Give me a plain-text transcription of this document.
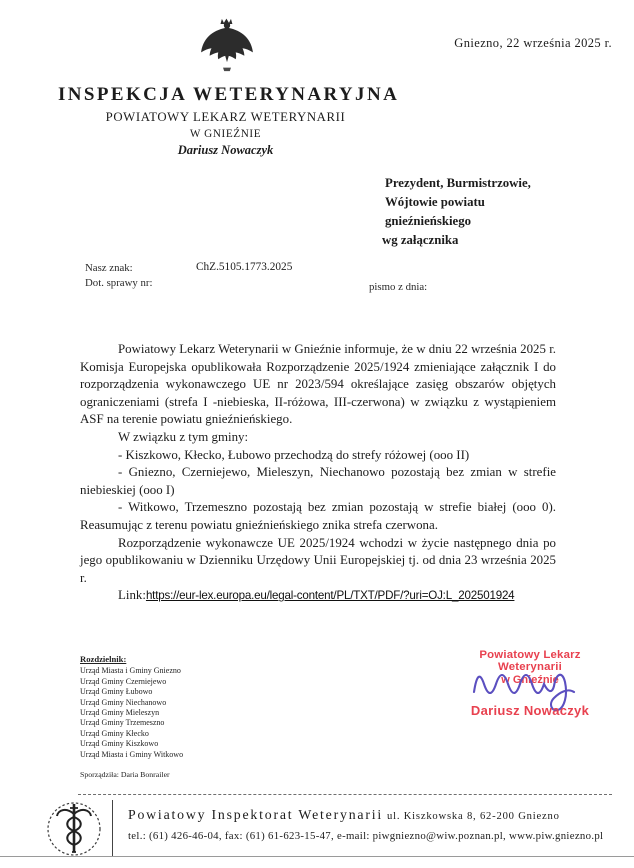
Gniezno, 22 września 2025 r.
INSPEKCJA WETERYNARYJNA
POWIATOWY LEKARZ WETERYNARII
W GNIEŹNIE
Dariusz Nowaczyk
Prezydent, Burmistrzowie,
Wójtowie powiatu
gnieźnieńskiego
wg załącznika
Nasz znak:	ChZ.5105.1773.2025
Dot. sprawy nr:	pismo z dnia:

Powiatowy Lekarz Weterynarii w Gnieźnie informuje, że w dniu 22 września 2025 r. Komisja Europejska opublikowała Rozporządzenie 2025/1924 zmieniające załącznik I do rozporządzenia wykonawczego UE nr 2023/594 określające zasięg obszarów objętych ograniczeniami (strefa I -niebieska, II-różowa, III-czerwona) w związku z wystąpieniem ASF na terenie powiatu gnieźnieńskiego.

W związku z tym gminy:

- Kiszkowo, Kłecko, Łubowo przechodzą do strefy różowej (ooo II)

- Gniezno, Czerniejewo, Mieleszyn, Niechanowo pozostają bez zmian w strefie niebieskiej (ooo I)

- Witkowo, Trzemeszno pozostają bez zmian pozostają w strefie białej (ooo 0). Reasumując z terenu powiatu gnieźnieńskiego znika strefa czerwona.

Rozporządzenie wykonawcze UE 2025/1924 wchodzi w życie następnego dnia po jego opublikowaniu w Dzienniku Urzędowy Unii Europejskiej tj. od dnia 23 września 2025 r.

Link:https://eur-lex.europa.eu/legal-content/PL/TXT/PDF/?uri=OJ:L_202501924

Rozdzielnik:
Urząd Miasta i Gminy Gniezno
Urząd Gminy Czerniejewo
Urząd Gminy Łubowo
Urząd Gminy Niechanowo
Urząd Gminy Mieleszyn
Urząd Gminy Trzemeszno
Urząd Gminy Kłecko
Urząd Gminy Kiszkowo
Urząd Miasta i Gminy Witkowo
Powiatowy Lekarz Weterynarii
w Gnieźnie
Dariusz Nowaczyk
Sporządziła: Daria Bonrailer
Powiatowy Inspektorat Weterynarii ul. Kiszkowska 8, 62-200 Gniezno
tel.: (61) 426-46-04, fax: (61) 61-623-15-47, e-mail: piwgniezno@wiw.poznan.pl, www.piw.gniezno.pl
